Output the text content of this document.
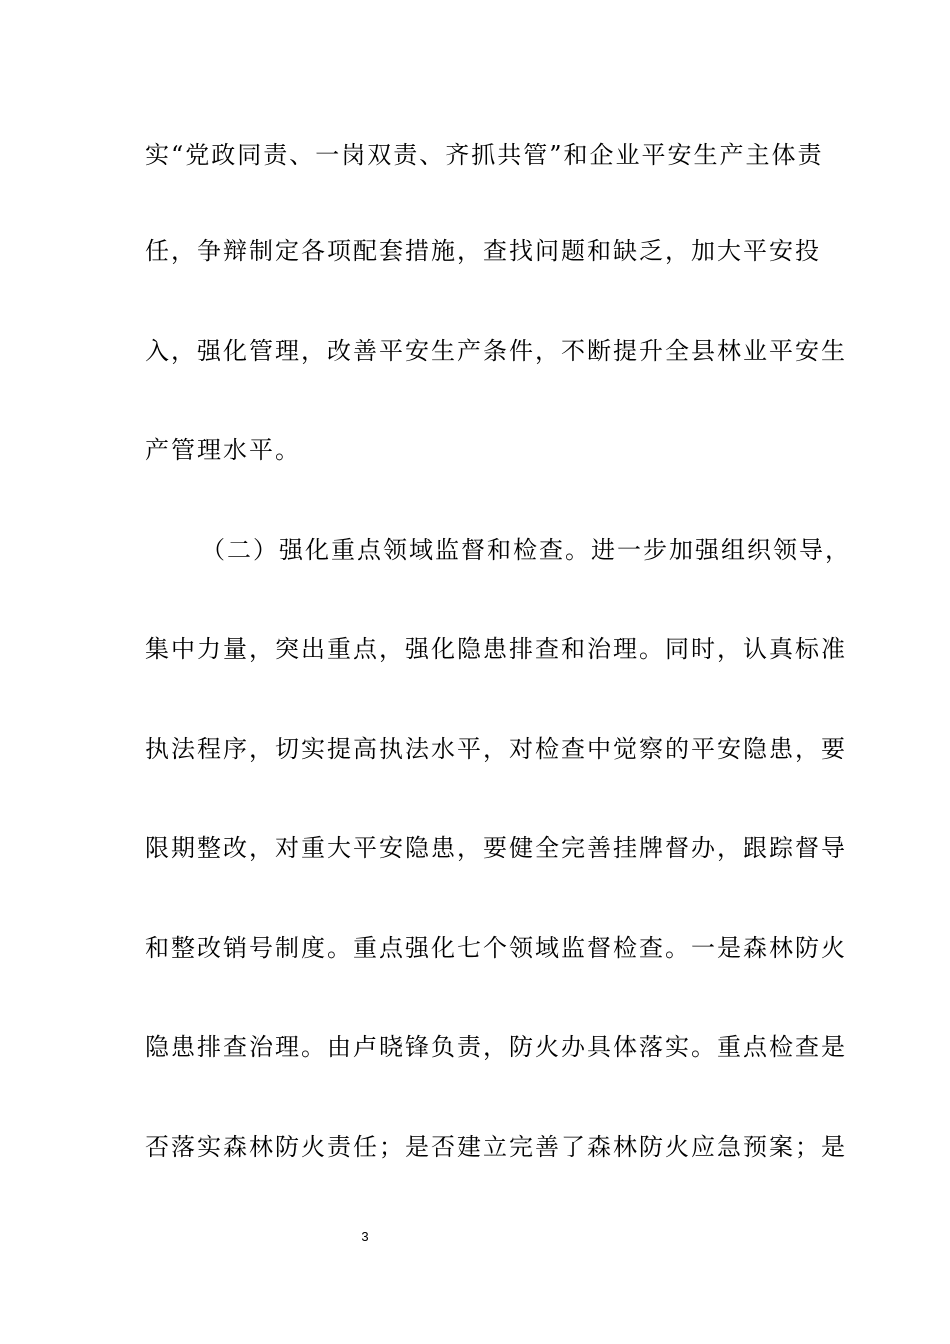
实“党政同责、一岗双责、齐抓共管”和企业平安生产主体责
任，争辩制定各项配套措施，查找问题和缺乏，加大平安投
入，强化管理，改善平安生产条件，不断提升全县林业平安生
产管理水平。
（二）强化重点领域监督和检查。进一步加强组织领导，
集中力量，突出重点，强化隐患排查和治理。同时，认真标准
执法程序，切实提高执法水平，对检查中觉察的平安隐患，要
限期整改，对重大平安隐患，要健全完善挂牌督办，跟踪督导
和整改销号制度。重点强化七个领域监督检查。一是森林防火
隐患排查治理。由卢晓锋负责，防火办具体落实。重点检查是
否落实森林防火责任；是否建立完善了森林防火应急预案；是
3
